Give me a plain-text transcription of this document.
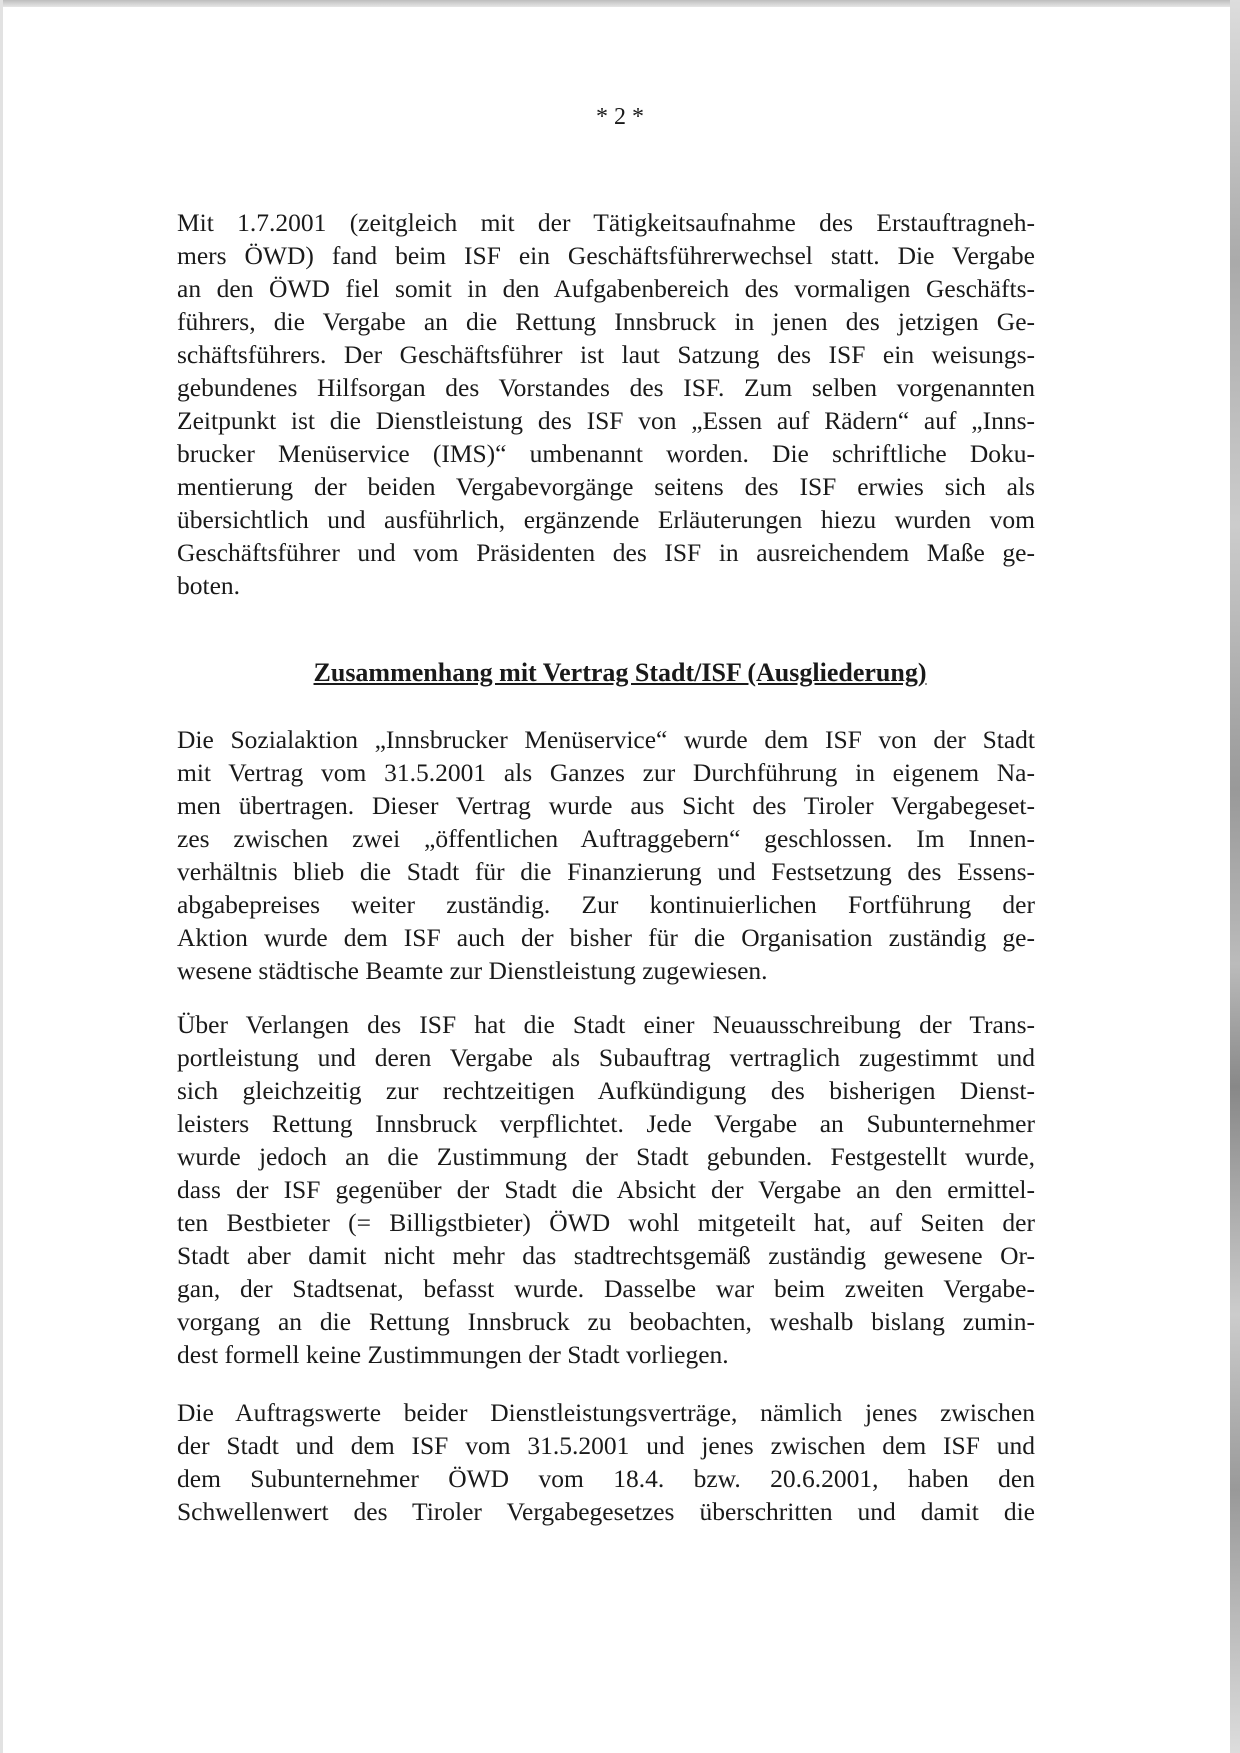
* 2 *
Mit 1.7.2001 (zeitgleich mit der Tätigkeitsaufnahme des Erstauftragneh-
mers ÖWD) fand beim ISF ein Geschäftsführerwechsel statt. Die Vergabe
an den ÖWD fiel somit in den Aufgabenbereich des vormaligen Geschäfts-
führers, die Vergabe an die Rettung Innsbruck in jenen des jetzigen Ge-
schäftsführers. Der Geschäftsführer ist laut Satzung des ISF ein weisungs-
gebundenes Hilfsorgan des Vorstandes des ISF. Zum selben vorgenannten
Zeitpunkt ist die Dienstleistung des ISF von „Essen auf Rädern“ auf „Inns-
brucker Menüservice (IMS)“ umbenannt worden. Die schriftliche Doku-
mentierung der beiden Vergabevorgänge seitens des ISF erwies sich als
übersichtlich und ausführlich, ergänzende Erläuterungen hiezu wurden vom
Geschäftsführer und vom Präsidenten des ISF in ausreichendem Maße ge-
boten.
Zusammenhang mit Vertrag Stadt/ISF (Ausgliederung)
Die Sozialaktion „Innsbrucker Menüservice“ wurde dem ISF von der Stadt
mit Vertrag vom 31.5.2001 als Ganzes zur Durchführung in eigenem Na-
men übertragen. Dieser Vertrag wurde aus Sicht des Tiroler Vergabegeset-
zes zwischen zwei „öffentlichen Auftraggebern“ geschlossen. Im Innen-
verhältnis blieb die Stadt für die Finanzierung und Festsetzung des Essens-
abgabepreises weiter zuständig. Zur kontinuierlichen Fortführung der
Aktion wurde dem ISF auch der bisher für die Organisation zuständig ge-
wesene städtische Beamte zur Dienstleistung zugewiesen.
Über Verlangen des ISF hat die Stadt einer Neuausschreibung der Trans-
portleistung und deren Vergabe als Subauftrag vertraglich zugestimmt und
sich gleichzeitig zur rechtzeitigen Aufkündigung des bisherigen Dienst-
leisters Rettung Innsbruck verpflichtet. Jede Vergabe an Subunternehmer
wurde jedoch an die Zustimmung der Stadt gebunden. Festgestellt wurde,
dass der ISF gegenüber der Stadt die Absicht der Vergabe an den ermittel-
ten Bestbieter (= Billigstbieter) ÖWD wohl mitgeteilt hat, auf Seiten der
Stadt aber damit nicht mehr das stadtrechtsgemäß zuständig gewesene Or-
gan, der Stadtsenat, befasst wurde. Dasselbe war beim zweiten Vergabe-
vorgang an die Rettung Innsbruck zu beobachten, weshalb bislang zumin-
dest formell keine Zustimmungen der Stadt vorliegen.
Die Auftragswerte beider Dienstleistungsverträge, nämlich jenes zwischen
der Stadt und dem ISF vom 31.5.2001 und jenes zwischen dem ISF und
dem Subunternehmer ÖWD vom 18.4. bzw. 20.6.2001, haben den
Schwellenwert des Tiroler Vergabegesetzes überschritten und damit die
